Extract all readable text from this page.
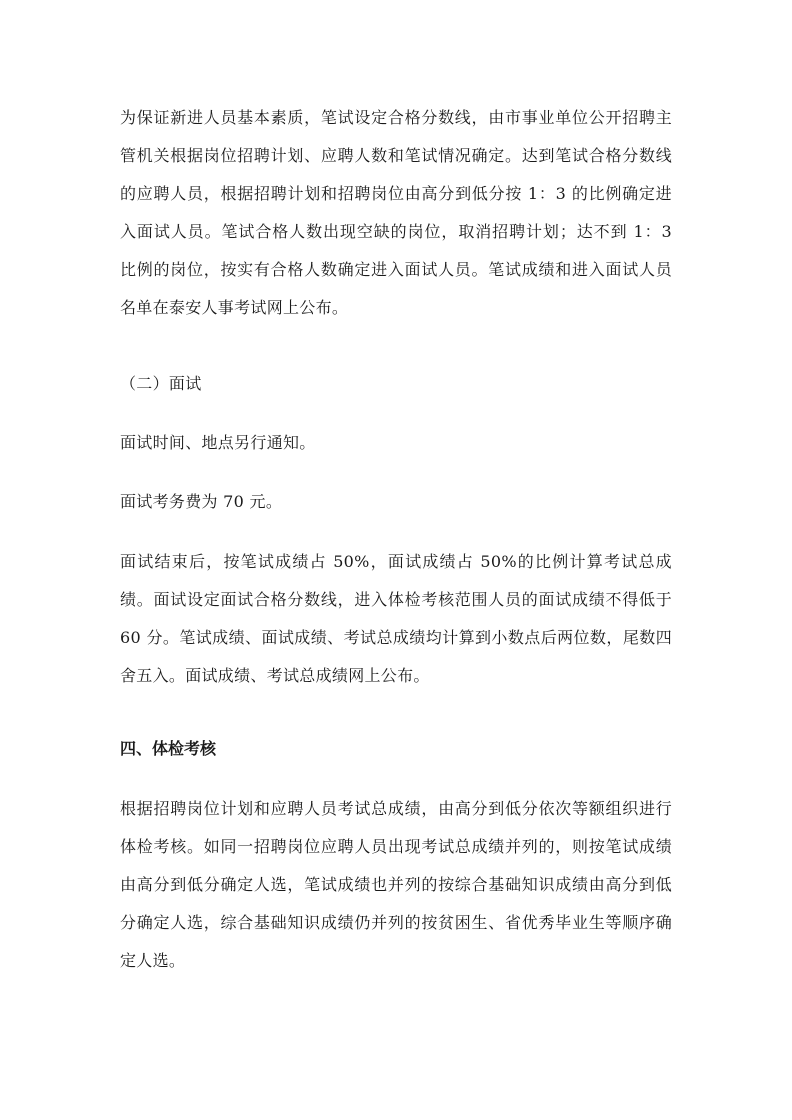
为保证新进人员基本素质，笔试设定合格分数线，由市事业单位公开招聘主管机关根据岗位招聘计划、应聘人数和笔试情况确定。达到笔试合格分数线的应聘人员，根据招聘计划和招聘岗位由高分到低分按 1：3 的比例确定进入面试人员。笔试合格人数出现空缺的岗位，取消招聘计划；达不到 1：3 比例的岗位，按实有合格人数确定进入面试人员。笔试成绩和进入面试人员名单在泰安人事考试网上公布。

（二）面试

面试时间、地点另行通知。

面试考务费为 70 元。

面试结束后，按笔试成绩占 50%，面试成绩占 50%的比例计算考试总成绩。面试设定面试合格分数线，进入体检考核范围人员的面试成绩不得低于 60 分。笔试成绩、面试成绩、考试总成绩均计算到小数点后两位数，尾数四舍五入。面试成绩、考试总成绩网上公布。

四、体检考核

根据招聘岗位计划和应聘人员考试总成绩，由高分到低分依次等额组织进行体检考核。如同一招聘岗位应聘人员出现考试总成绩并列的，则按笔试成绩由高分到低分确定人选，笔试成绩也并列的按综合基础知识成绩由高分到低分确定人选，综合基础知识成绩仍并列的按贫困生、省优秀毕业生等顺序确定人选。
